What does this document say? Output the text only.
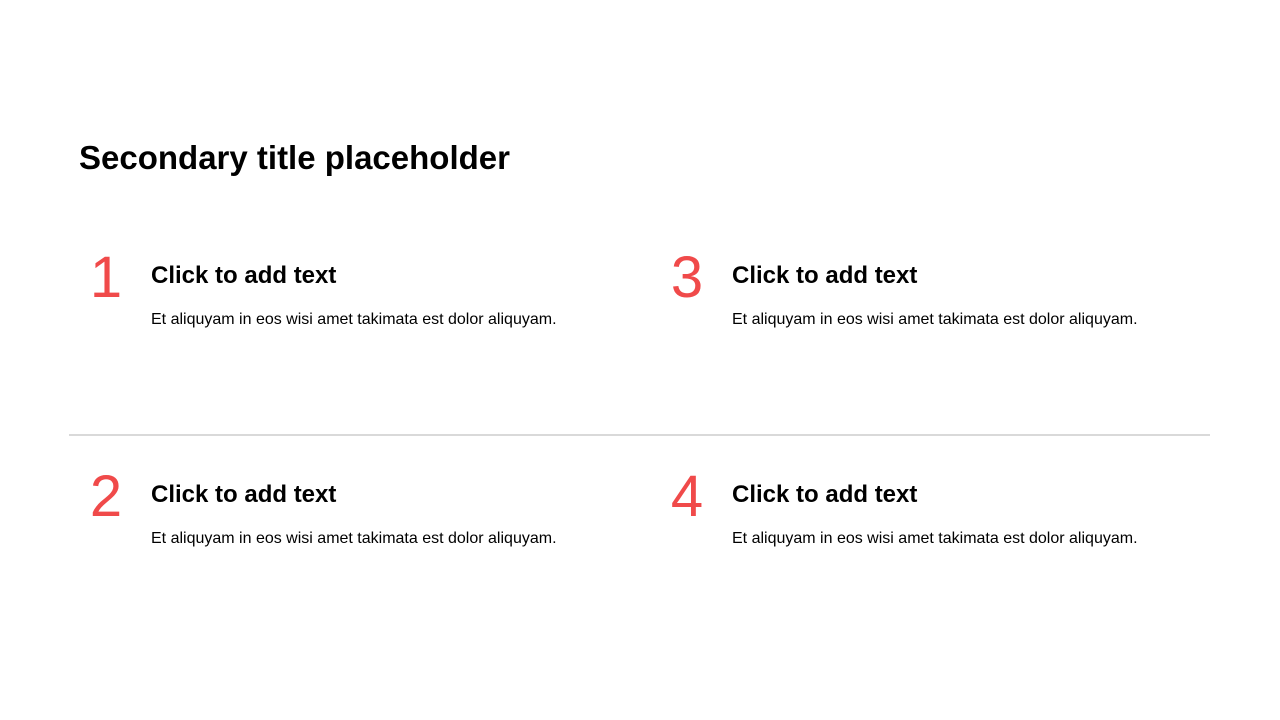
Secondary title placeholder
1	Click to add text

Et aliquyam in eos wisi amet takimata est dolor aliquyam.

3	Click to add text

Et aliquyam in eos wisi amet takimata est dolor aliquyam.

2	Click to add text

Et aliquyam in eos wisi amet takimata est dolor aliquyam.

4	Click to add text

Et aliquyam in eos wisi amet takimata est dolor aliquyam.
